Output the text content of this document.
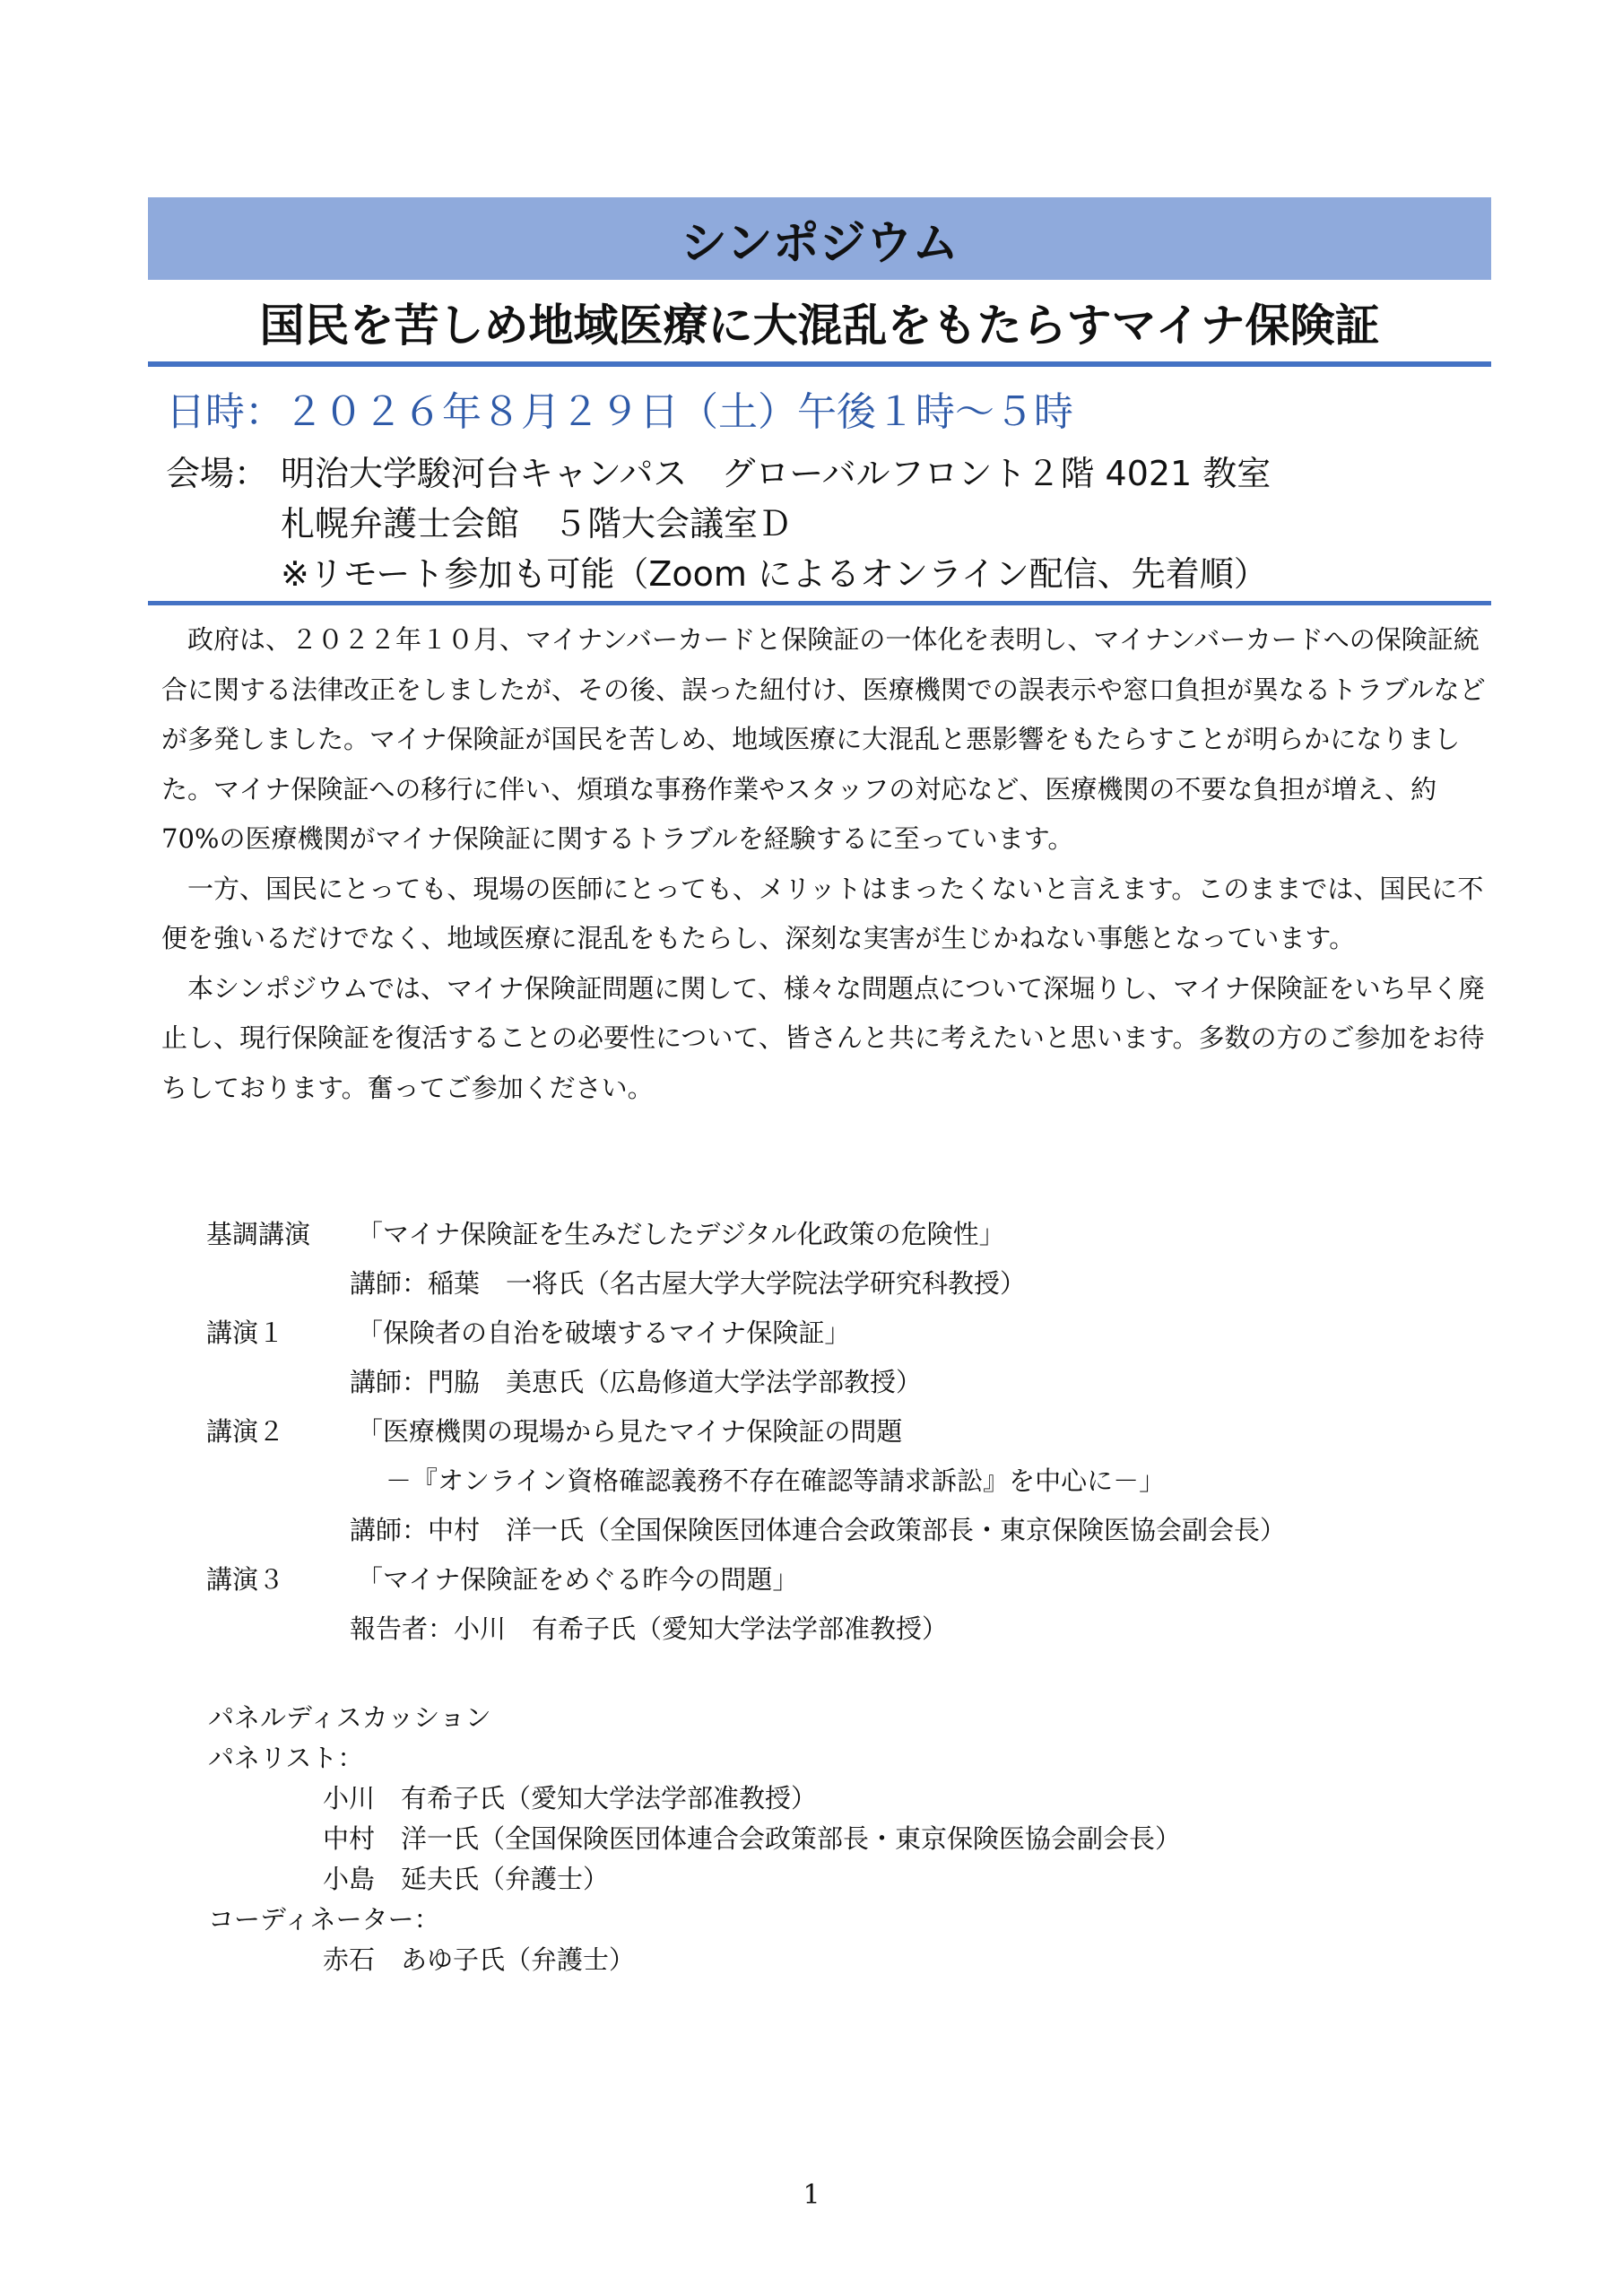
シンポジウム
国民を苦しめ地域医療に大混乱をもたらすマイナ保険証
日時：２０２６年８月２９日（土）午後１時～５時
会場： 明治大学駿河台キャンパス　グローバルフロント２階 4021 教室
札幌弁護士会館　５階大会議室Ｄ
※リモート参加も可能（Zoom によるオンライン配信、先着順）

政府は、２０２２年１０月、マイナンバーカードと保険証の一体化を表明し、マイナンバーカードへの保険証統合に関する法律改正をしましたが、その後、誤った紐付け、医療機関での誤表示や窓口負担が異なるトラブルなどが多発しました。マイナ保険証が国民を苦しめ、地域医療に大混乱と悪影響をもたらすことが明らかになりました。マイナ保険証への移行に伴い、煩瑣な事務作業やスタッフの対応など、医療機関の不要な負担が増え、約 70%の医療機関がマイナ保険証に関するトラブルを経験するに至っています。

一方、国民にとっても、現場の医師にとっても、メリットはまったくないと言えます。このままでは、国民に不便を強いるだけでなく、地域医療に混乱をもたらし、深刻な実害が生じかねない事態となっています。

本シンポジウムでは、マイナ保険証問題に関して、様々な問題点について深堀りし、マイナ保険証をいち早く廃止し、現行保険証を復活することの必要性について、皆さんと共に考えたいと思います。多数の方のご参加をお待ちしております。奮ってご参加ください。

基調講演	「マイナ保険証を生みだしたデジタル化政策の危険性」
講師：稲葉　一将氏（名古屋大学大学院法学研究科教授）
講演１	「保険者の自治を破壊するマイナ保険証」
講師：門脇　美恵氏（広島修道大学法学部教授）
講演２	「医療機関の現場から見たマイナ保険証の問題
－『オンライン資格確認義務不存在確認等請求訴訟』を中心に－」
講師：中村　洋一氏（全国保険医団体連合会政策部長・東京保険医協会副会長）
講演３	「マイナ保険証をめぐる昨今の問題」
報告者：小川　有希子氏（愛知大学法学部准教授）
パネルディスカッション
パネリスト：
小川　有希子氏（愛知大学法学部准教授）
中村　洋一氏（全国保険医団体連合会政策部長・東京保険医協会副会長）
小島　延夫氏（弁護士）
コーディネーター：
赤石　あゆ子氏（弁護士）
1
